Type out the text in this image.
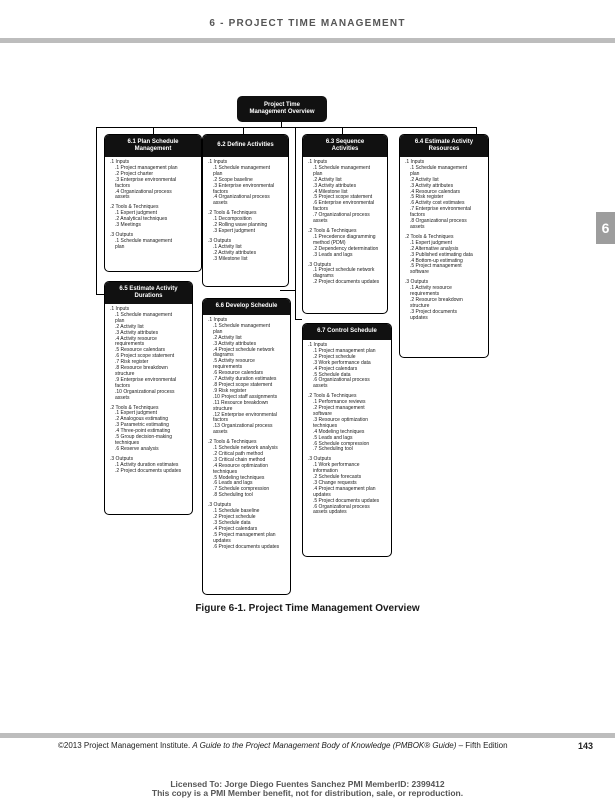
6 - PROJECT TIME MANAGEMENT
6
Project Time
Management Overview
6.1 Plan Schedule
Management
.1 Inputs
.1 Project management plan
.2 Project charter
.3 Enterprise environmental
factors
.4 Organizational process
assets
.2 Tools & Techniques
.1 Expert judgment
.2 Analytical techniques
.3 Meetings
.3 Outputs
.1 Schedule management
plan
6.2 Define Activities
.1 Inputs
.1 Schedule management
plan
.2 Scope baseline
.3 Enterprise environmental
factors
.4 Organizational process
assets
.2 Tools & Techniques
.1 Decomposition
.2 Rolling wave planning
.3 Expert judgment
.3 Outputs
.1 Activity list
.2 Activity attributes
.3 Milestone list
6.3 Sequence
Activities
.1 Inputs
.1 Schedule management
plan
.2 Activity list
.3 Activity attributes
.4 Milestone list
.5 Project scope statement
.6 Enterprise environmental
factors
.7 Organizational process
assets
.2 Tools & Techniques
.1 Precedence diagramming
method (PDM)
.2 Dependency determination
.3 Leads and lags
.3 Outputs
.1 Project schedule network
diagrams
.2 Project documents updates
6.4 Estimate Activity
Resources
.1 Inputs
.1 Schedule management
plan
.2 Activity list
.3 Activity attributes
.4 Resource calendars
.5 Risk register
.6 Activity cost estimates
.7 Enterprise environmental
factors
.8 Organizational process
assets
.2 Tools & Techniques
.1 Expert judgment
.2 Alternative analysis
.3 Published estimating data
.4 Bottom-up estimating
.5 Project management
software
.3 Outputs
.1 Activity resource
requirements
.2 Resource breakdown
structure
.3 Project documents
updates
6.5 Estimate Activity
Durations
.1 Inputs
.1 Schedule management
plan
.2 Activity list
.3 Activity attributes
.4 Activity resource
requirements
.5 Resource calendars
.6 Project scope statement
.7 Risk register
.8 Resource breakdown
structure
.9 Enterprise environmental
factors
.10 Organizational process
assets
.2 Tools & Techniques
.1 Expert judgment
.2 Analogous estimating
.3 Parametric estimating
.4 Three-point estimating
.5 Group decision-making
techniques
.6 Reserve analysis
.3 Outputs
.1 Activity duration estimates
.2 Project documents updates
6.6 Develop Schedule
.1 Inputs
.1 Schedule management
plan
.2 Activity list
.3 Activity attributes
.4 Project schedule network
diagrams
.5 Activity resource
requirements
.6 Resource calendars
.7 Activity duration estimates
.8 Project scope statement
.9 Risk register
.10 Project staff assignments
.11 Resource breakdown
structure
.12 Enterprise environmental
factors
.13 Organizational process
assets
.2 Tools & Techniques
.1 Schedule network analysis
.2 Critical path method
.3 Critical chain method
.4 Resource optimization
techniques
.5 Modeling techniques
.6 Leads and lags
.7 Schedule compression
.8 Scheduling tool
.3 Outputs
.1 Schedule baseline
.2 Project schedule
.3 Schedule data
.4 Project calendars
.5 Project management plan
updates
.6 Project documents updates
6.7 Control Schedule
.1 Inputs
.1 Project management plan
.2 Project schedule
.3 Work performance data
.4 Project calendars
.5 Schedule data
.6 Organizational process
assets
.2 Tools & Techniques
.1 Performance reviews
.2 Project management
software
.3 Resource optimization
techniques
.4 Modeling techniques
.5 Leads and lags
.6 Schedule compression
.7 Scheduling tool
.3 Outputs
.1 Work performance
information
.2 Schedule forecasts
.3 Change requests
.4 Project management plan
updates
.5 Project documents updates
.6 Organizational process
assets updates
Figure 6-1. Project Time Management Overview
©2013 Project Management Institute. A Guide to the Project Management Body of Knowledge (PMBOK® Guide) – Fifth Edition	143
Licensed To: Jorge Diego Fuentes Sanchez PMI MemberID: 2399412
This copy is a PMI Member benefit, not for distribution, sale, or reproduction.
